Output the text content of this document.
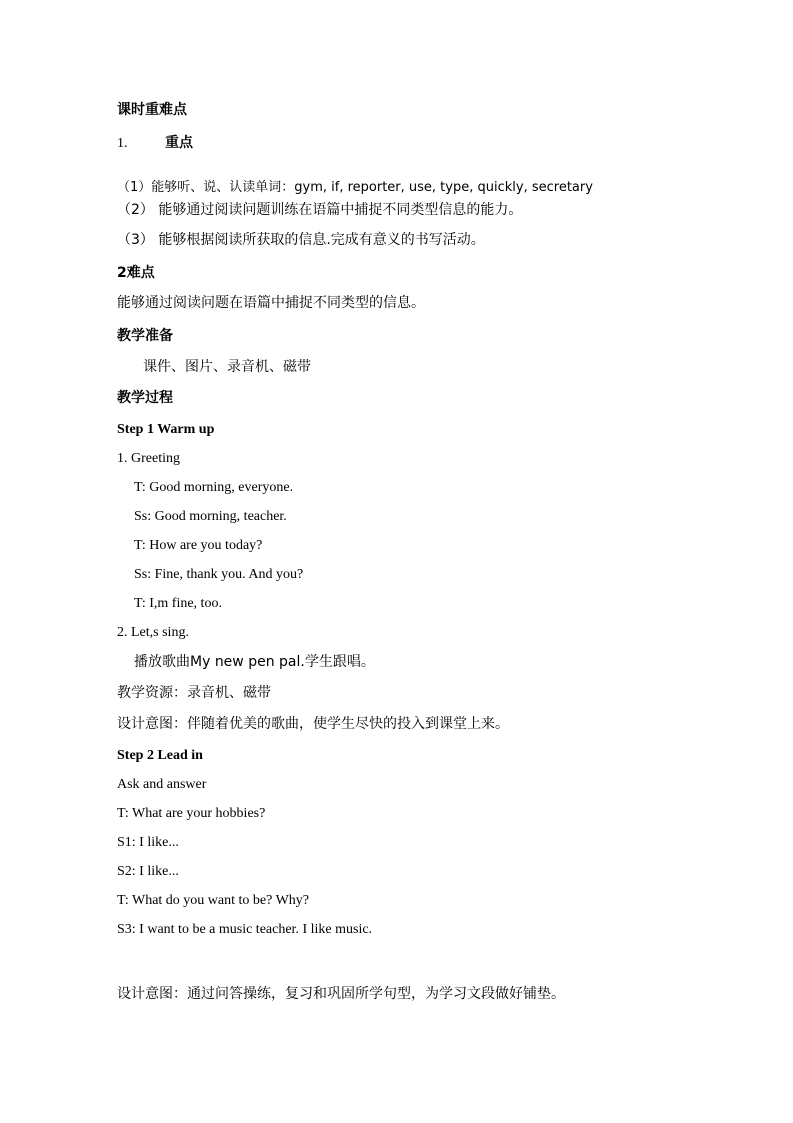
课时重难点
1.	重点
（1）能够听、说、认读单词：gym, if, reporter, use, type, quickly, secretary
（2） 能够通过阅读问题训练在语篇中捕捉不同类型信息的能力。
（3） 能够根据阅读所获取的信息.完成有意义的书写活动。
2难点
能够通过阅读问题在语篇中捕捉不同类型的信息。
教学准备
课件、图片、录音机、磁带
教学过程
Step 1 Warm up
1. Greeting
T: Good morning, everyone.
Ss: Good morning, teacher.
T: How are you today?
Ss: Fine, thank you. And you?
T: I,m fine, too.
2. Let,s sing.
播放歌曲My new pen pal.学生跟唱。
教学资源：录音机、磁带
设计意图：伴随着优美的歌曲，使学生尽快的投入到课堂上来。
Step 2 Lead in
Ask and answer
T: What are your hobbies?
S1: I like...
S2: I like...
T: What do you want to be? Why?
S3: I want to be a music teacher. I like music.
设计意图：通过问答操练，复习和巩固所学句型，为学习文段做好铺垫。
